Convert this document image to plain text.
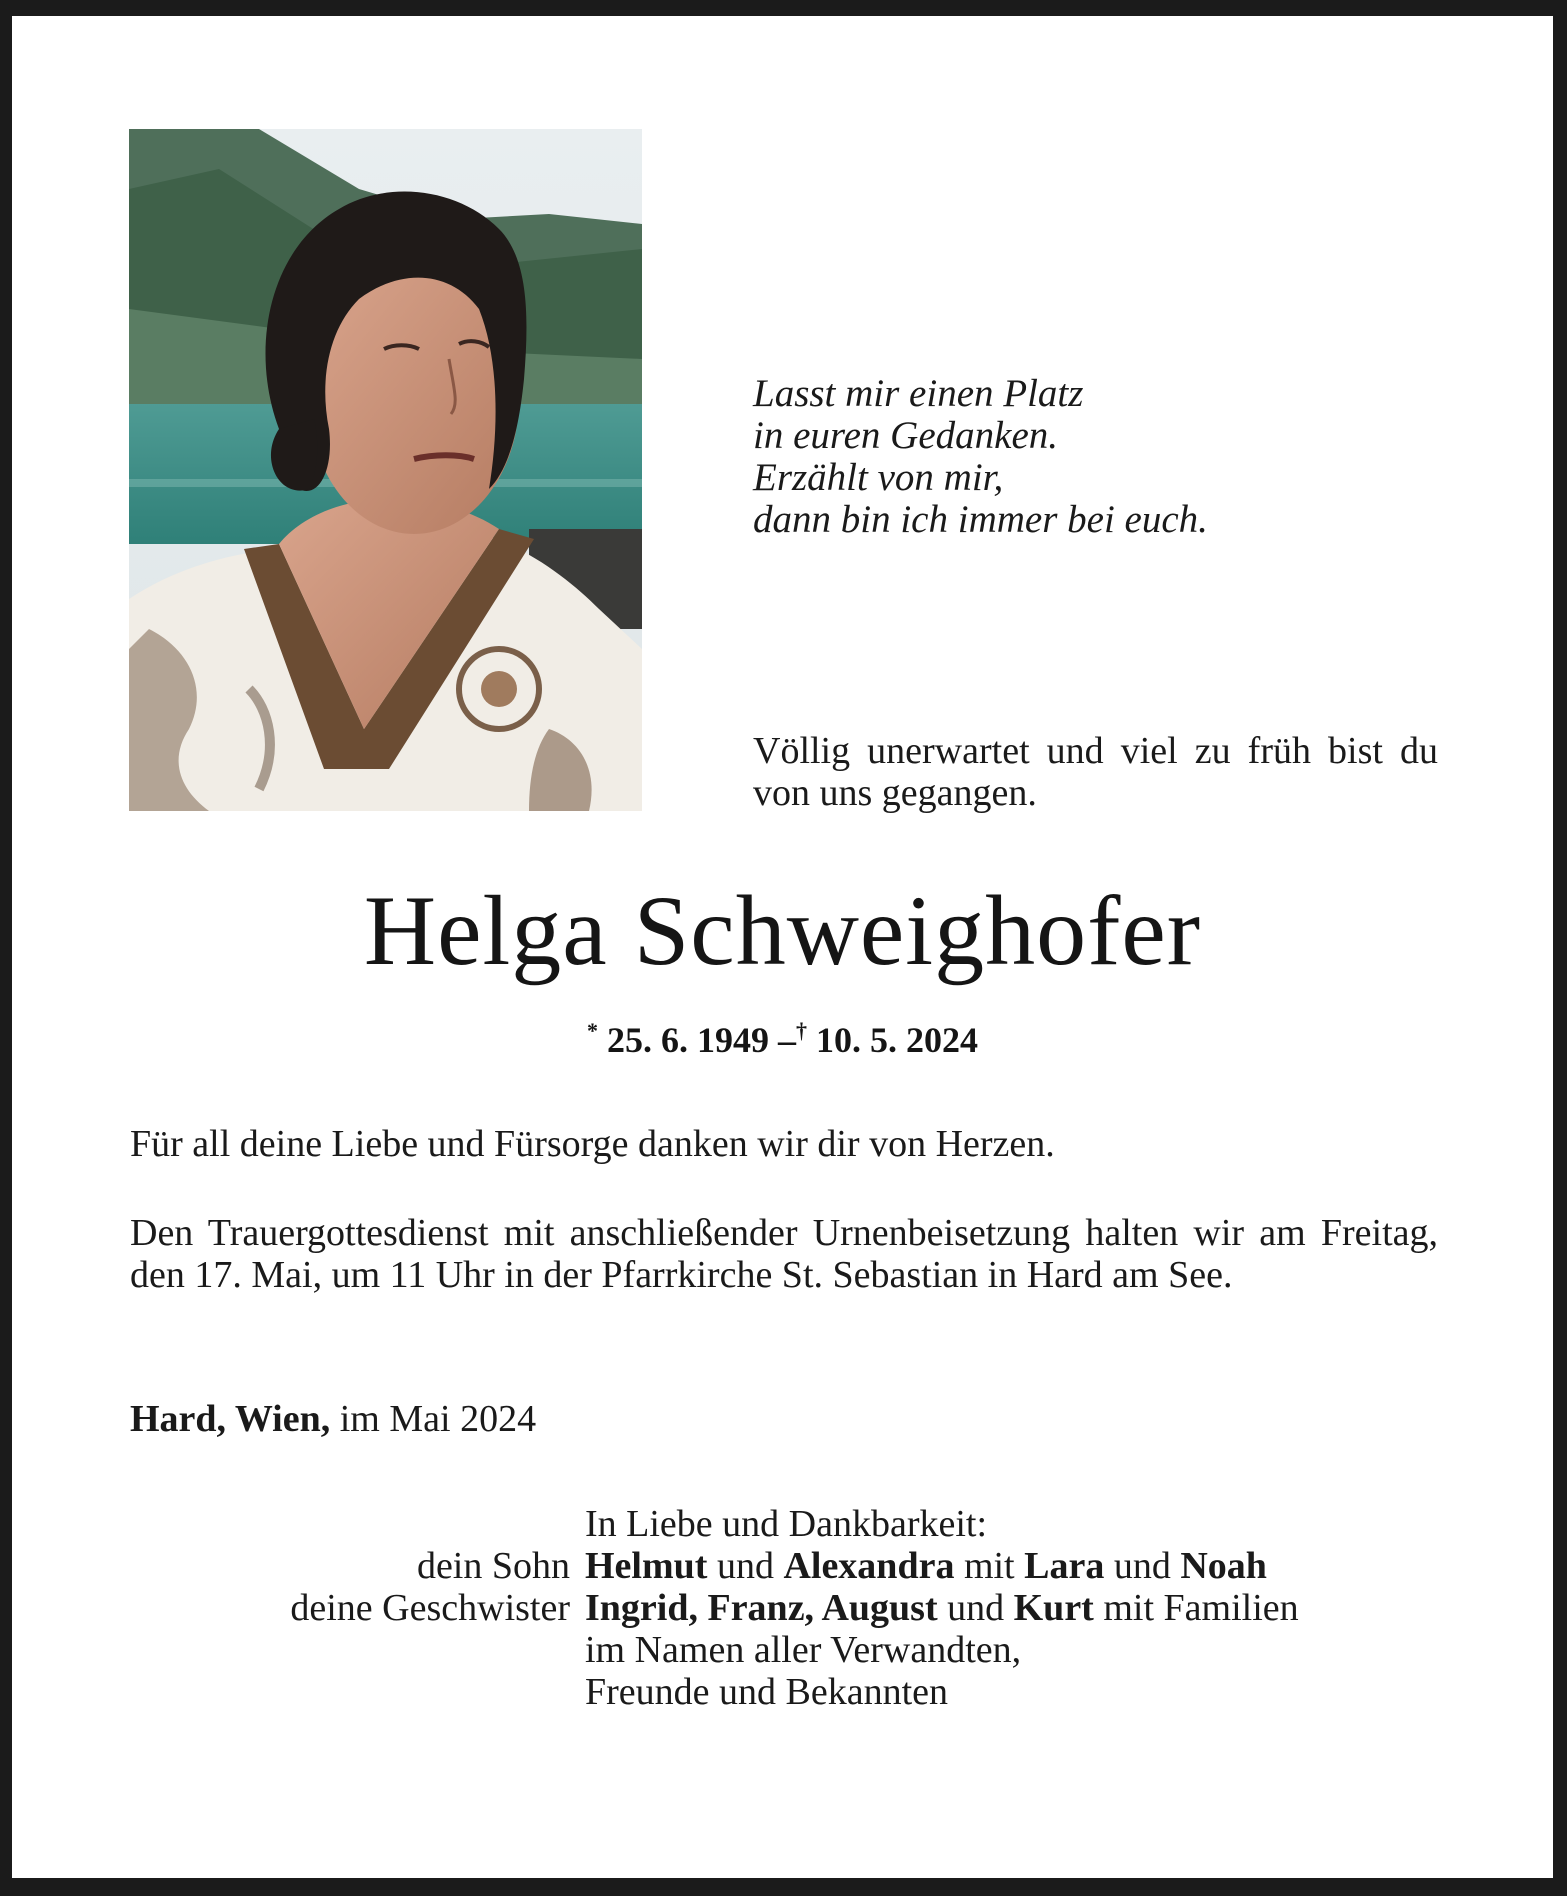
Lasst mir einen Platz
in euren Gedanken.
Erzählt von mir,
dann bin ich immer bei euch.
Völlig unerwartet und viel zu früh bist du von uns gegangen.
Helga Schweighofer
* 25. 6. 1949 –† 10. 5. 2024
Für all deine Liebe und Fürsorge danken wir dir von Herzen.
Den Trauergottesdienst mit anschließender Urnenbeisetzung halten wir am Freitag, den 17. Mai, um 11 Uhr in der Pfarrkirche St. Sebastian in Hard am See.
Hard, Wien, im Mai 2024
In Liebe und Dankbarkeit:
dein Sohn Helmut und Alexandra mit Lara und Noah
deine Geschwister Ingrid, Franz, August und Kurt mit Familien
im Namen aller Verwandten,
Freunde und Bekannten
